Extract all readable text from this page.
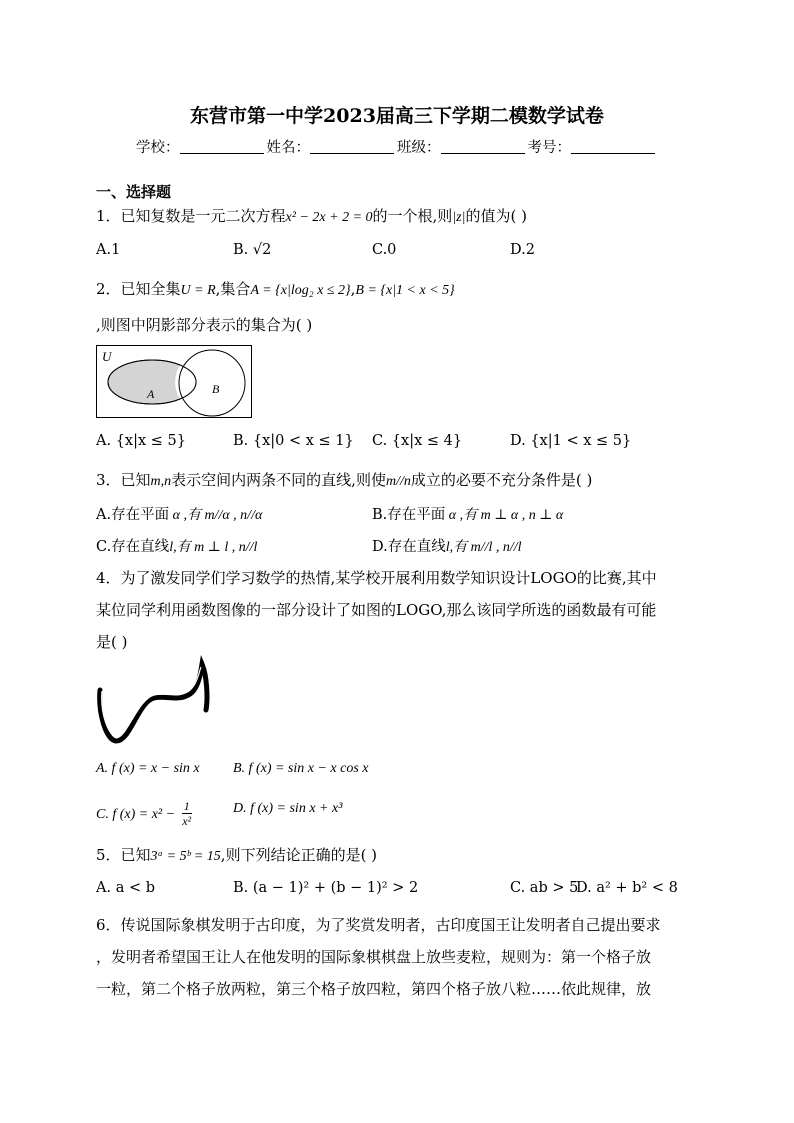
东营市第一中学2023届高三下学期二模数学试卷
学校：	姓名：	班级：	考号：
一、选择题
1．已知复数是一元二次方程x² − 2x + 2 = 0的一个根,则|z|的值为( )
A.1	B. √2	C.0	D.2
2．已知全集U = R,集合A = {x|log₂ x ≤ 2},B = {x|1 < x < 5}
,则图中阴影部分表示的集合为( )
U
A	B
A. {x|x ≤ 5}	B. {x|0 < x ≤ 1} C. {x|x ≤ 4}	D. {x|1 < x ≤ 5}
3．已知m,n表示空间内两条不同的直线,则使m//n成立的必要不充分条件是( )
A.存在平面 α ,有 m//α , n//α	B.存在平面 α ,有 m ⊥ α , n ⊥ α
C.存在直线l,有 m ⊥ l , n//l	D.存在直线l,有 m//l , n//l
4．为了激发同学们学习数学的热情,某学校开展利用数学知识设计LOGO的比赛,其中
某位同学利用函数图像的一部分设计了如图的LOGO,那么该同学所选的函数最有可能
是( )
A. f (x) = x − sin x B. f (x) = sin x − x cos x
C. f $(x) = x^2 - \frac{1}{\text{x²}}$	D. f (x) = sin x + x³
5．已知3ᵃ = 5ᵇ = 15,则下列结论正确的是( )
A. a < b	B. (a − 1)² + (b − 1)² > 2	C. ab > 5
D. a² + b² < 8
6．传说国际象棋发明于古印度，为了奖赏发明者，古印度国王让发明者自己提出要求
，发明者希望国王让人在他发明的国际象棋棋盘上放些麦粒，规则为：第一个格子放
一粒，第二个格子放两粒，第三个格子放四粒，第四个格子放八粒……依此规律，放
